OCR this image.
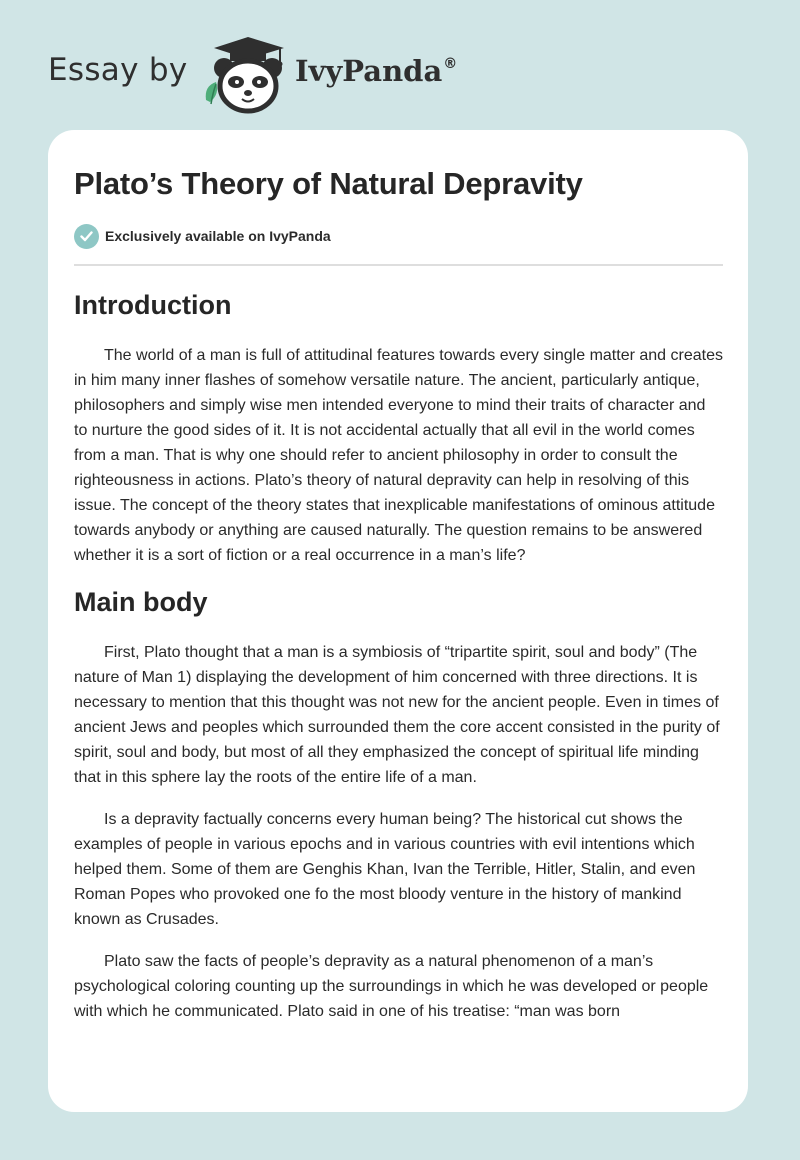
Essay by	IvyPanda®
Plato’s Theory of Natural Depravity
Exclusively available on IvyPanda
Introduction

The world of a man is full of attitudinal features towards every single matter and creates in him many inner flashes of somehow versatile nature. The ancient, particularly antique, philosophers and simply wise men intended everyone to mind their traits of character and to nurture the good sides of it. It is not accidental actually that all evil in the world comes from a man. That is why one should refer to ancient philosophy in order to consult the righteousness in actions. Plato’s theory of natural depravity can help in resolving of this issue. The concept of the theory states that inexplicable manifestations of ominous attitude towards anybody or anything are caused naturally. The question remains to be answered whether it is a sort of fiction or a real occurrence in a man’s life?

Main body

First, Plato thought that a man is a symbiosis of “tripartite spirit, soul and body” (The nature of Man 1) displaying the development of him concerned with three directions. It is necessary to mention that this thought was not new for the ancient people. Even in times of ancient Jews and peoples which surrounded them the core accent consisted in the purity of spirit, soul and body, but most of all they emphasized the concept of spiritual life minding that in this sphere lay the roots of the entire life of a man.

Is a depravity factually concerns every human being? The historical cut shows the examples of people in various epochs and in various countries with evil intentions which helped them. Some of them are Genghis Khan, Ivan the Terrible, Hitler, Stalin, and even Roman Popes who provoked one fo the most bloody venture in the history of mankind known as Crusades.

Plato saw the facts of people’s depravity as a natural phenomenon of a man’s psychological coloring counting up the surroundings in which he was developed or people with which he communicated. Plato said in one of his treatise: “man was born
